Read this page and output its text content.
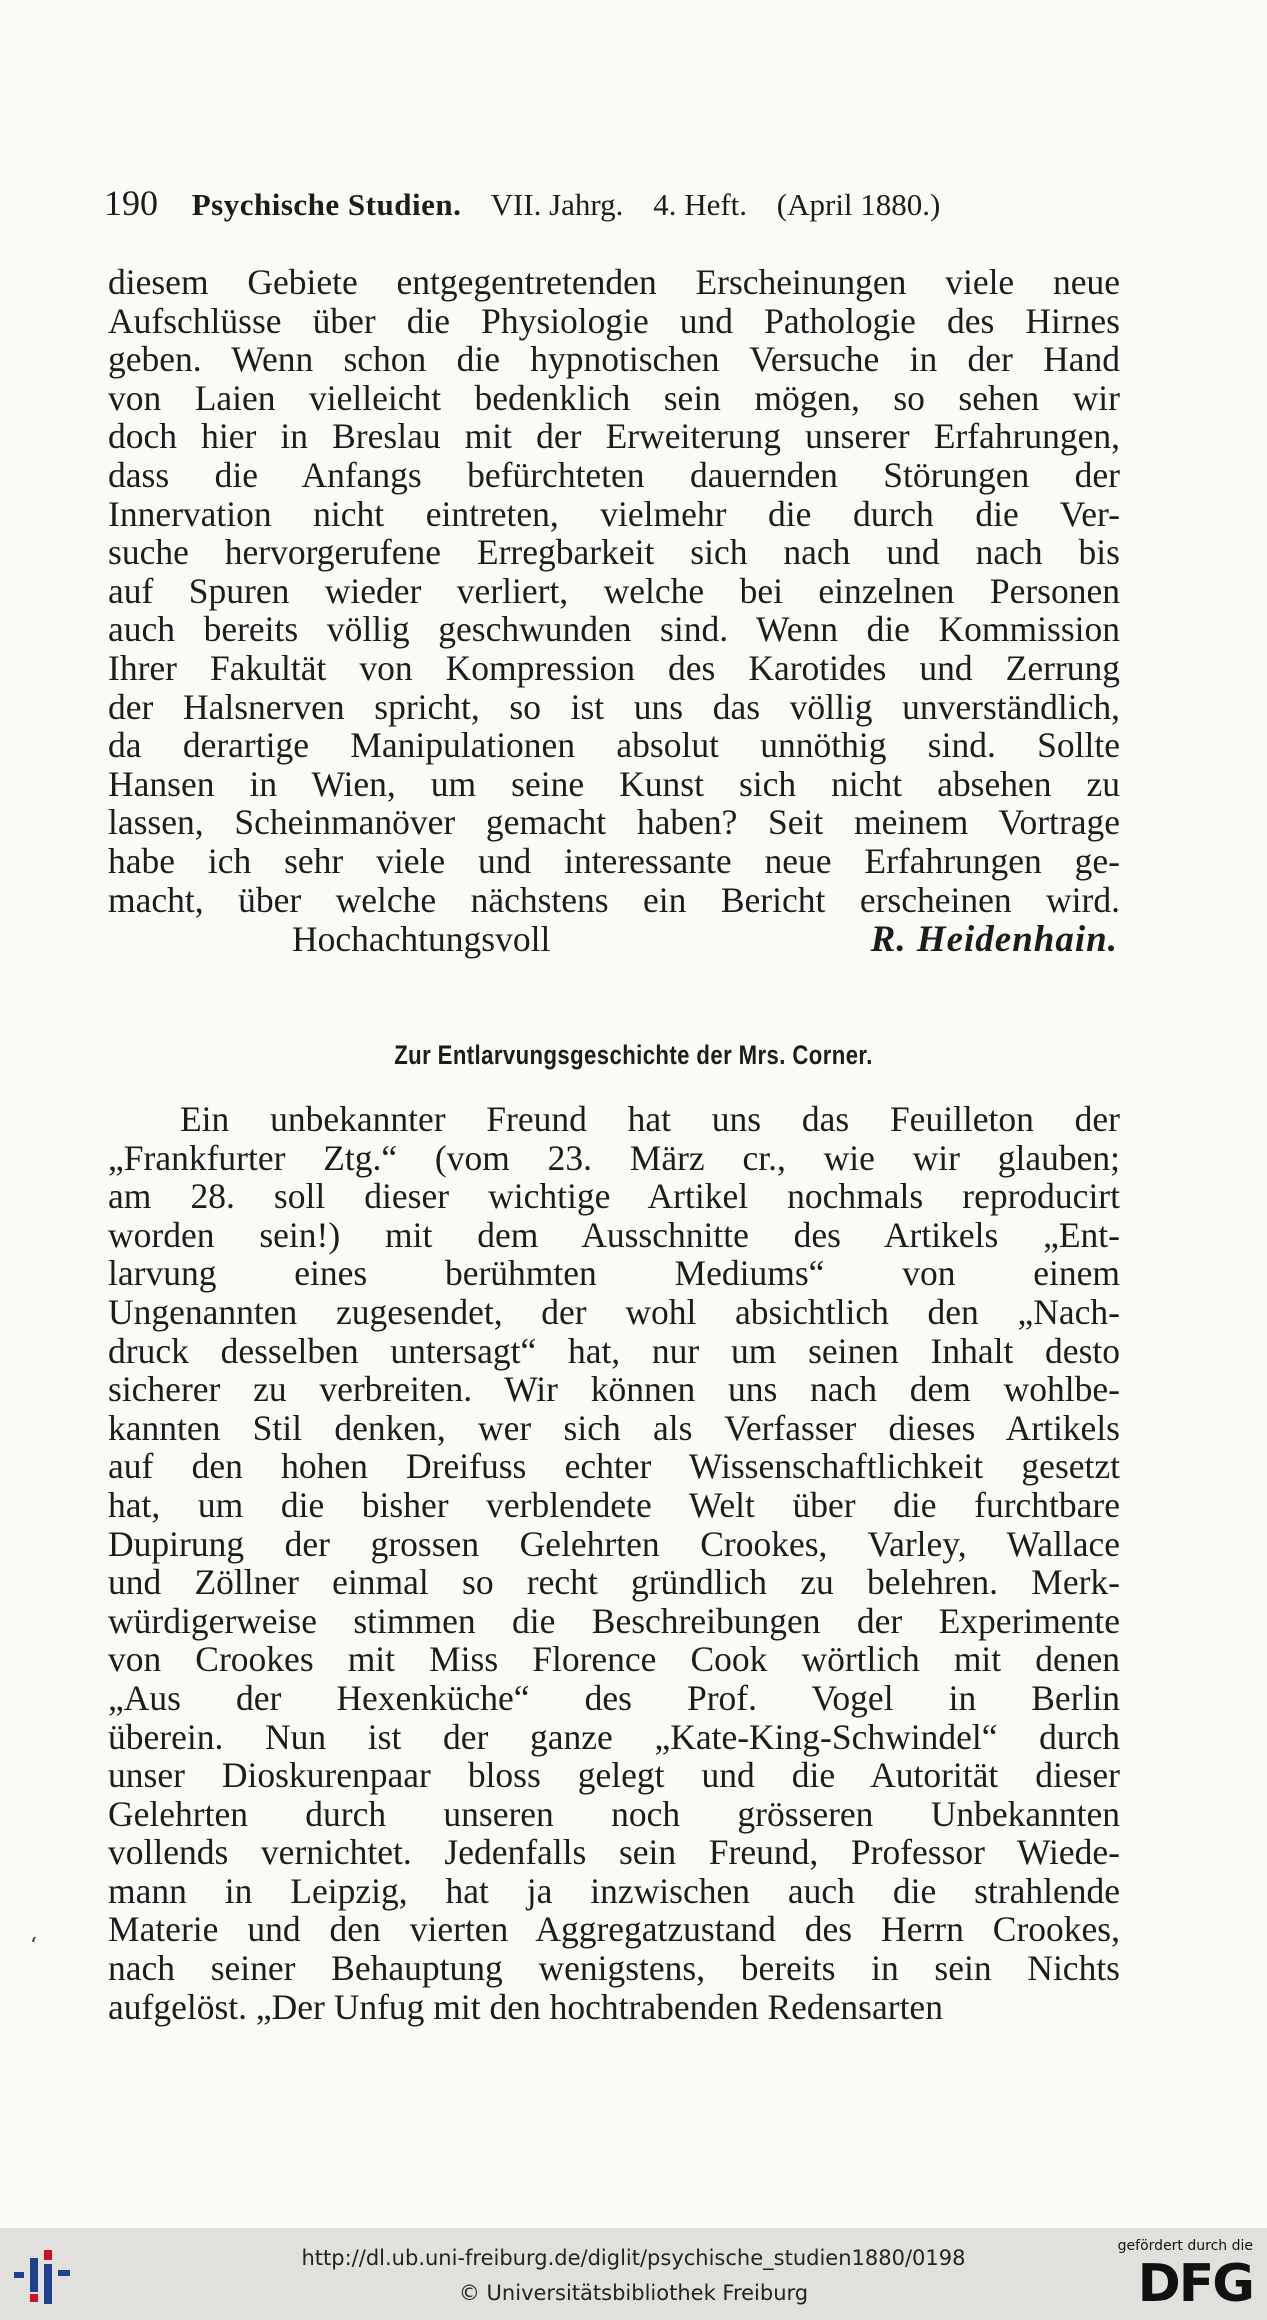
190 Psychische Studien. VII. Jahrg. 4. Heft. (April 1880.)
diesem Gebiete entgegentretenden Erscheinungen viele neue
Aufschlüsse über die Physiologie und Pathologie des Hirnes
geben. Wenn schon die hypnotischen Versuche in der Hand
von Laien vielleicht bedenklich sein mögen, so sehen wir
doch hier in Breslau mit der Erweiterung unserer Erfahrungen,
dass die Anfangs befürchteten dauernden Störungen der
Innervation nicht eintreten, vielmehr die durch die Ver-
suche hervorgerufene Erregbarkeit sich nach und nach bis
auf Spuren wieder verliert, welche bei einzelnen Personen
auch bereits völlig geschwunden sind. Wenn die Kommission
Ihrer Fakultät von Kompression des Karotides und Zerrung
der Halsnerven spricht, so ist uns das völlig unverständlich,
da derartige Manipulationen absolut unnöthig sind. Sollte
Hansen in Wien, um seine Kunst sich nicht absehen zu
lassen, Scheinmanöver gemacht haben? Seit meinem Vortrage
habe ich sehr viele und interessante neue Erfahrungen ge-
macht, über welche nächstens ein Bericht erscheinen wird.
Hochachtungsvoll	R. Heidenhain.
Zur Entlarvungsgeschichte der Mrs. Corner.
Ein unbekannter Freund hat uns das Feuilleton der
„Frankfurter Ztg.“ (vom 23. März cr., wie wir glauben;
am 28. soll dieser wichtige Artikel nochmals reproducirt
worden sein!) mit dem Ausschnitte des Artikels „Ent-
larvung eines berühmten Mediums“ von einem
Ungenannten zugesendet, der wohl absichtlich den „Nach-
druck desselben untersagt“ hat, nur um seinen Inhalt desto
sicherer zu verbreiten. Wir können uns nach dem wohlbe-
kannten Stil denken, wer sich als Verfasser dieses Artikels
auf den hohen Dreifuss echter Wissenschaftlichkeit gesetzt
hat, um die bisher verblendete Welt über die furchtbare
Dupirung der grossen Gelehrten Crookes, Varley, Wallace
und Zöllner einmal so recht gründlich zu belehren. Merk-
würdigerweise stimmen die Beschreibungen der Experimente
von Crookes mit Miss Florence Cook wörtlich mit denen
„Aus der Hexenküche“ des Prof. Vogel in Berlin
überein. Nun ist der ganze „Kate-King-Schwindel“ durch
unser Dioskurenpaar bloss gelegt und die Autorität dieser
Gelehrten durch unseren noch grösseren Unbekannten
vollends vernichtet. Jedenfalls sein Freund, Professor Wiede-
mann in Leipzig, hat ja inzwischen auch die strahlende
Materie und den vierten Aggregatzustand des Herrn Crookes,
nach seiner Behauptung wenigstens, bereits in sein Nichts
aufgelöst. „Der Unfug mit den hochtrabenden Redensarten
‘
http://dl.ub.uni-freiburg.de/diglit/psychische_studien1880/0198
© Universitätsbibliothek Freiburg
gefördert durch die
DFG
